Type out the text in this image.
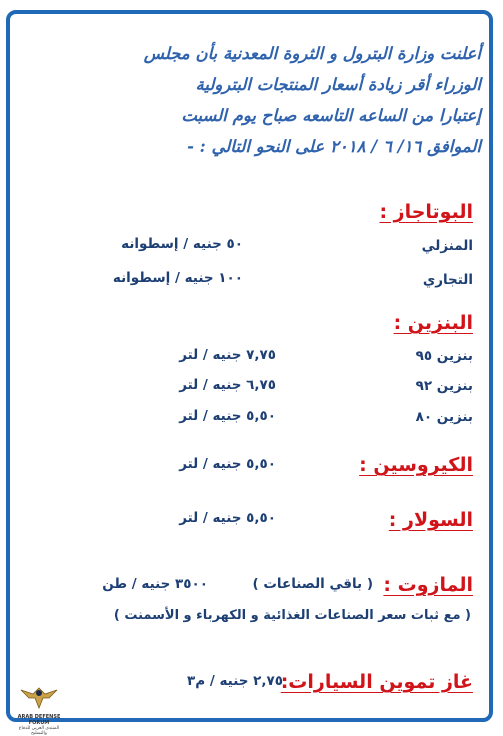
أعلنت وزارة البترول و الثروة المعدنية بأن مجلس
الوزراء أقر زيادة أسعار المنتجات البترولية
إعتبارا من الساعه التاسعه صباح يوم السبت
الموافق ١٦/ ٦ / ٢٠١٨ على النحو التالي : -
البوتاجاز :
المنزلي
٥٠ جنيه / إسطوانه
التجاري
١٠٠ جنيه / إسطوانه
البنزين :
بنزين ٩٥
٧,٧٥ جنيه / لتر
بنزين ٩٢
٦,٧٥ جنيه / لتر
بنزين ٨٠
٥,٥٠ جنيه / لتر
الكيروسين :
٥,٥٠ جنيه / لتر
السولار :
٥,٥٠ جنيه / لتر
المازوت :
( باقي الصناعات )
٣٥٠٠ جنيه / طن
( مع ثبات سعر الصناعات الغذائية و الكهرباء و الأسمنت )
غاز تموين السيارات:
٢,٧٥ جنيه / م٣
ARAB DEFENSE FORUM
المنتدى العربي للدفاع والتسليح
